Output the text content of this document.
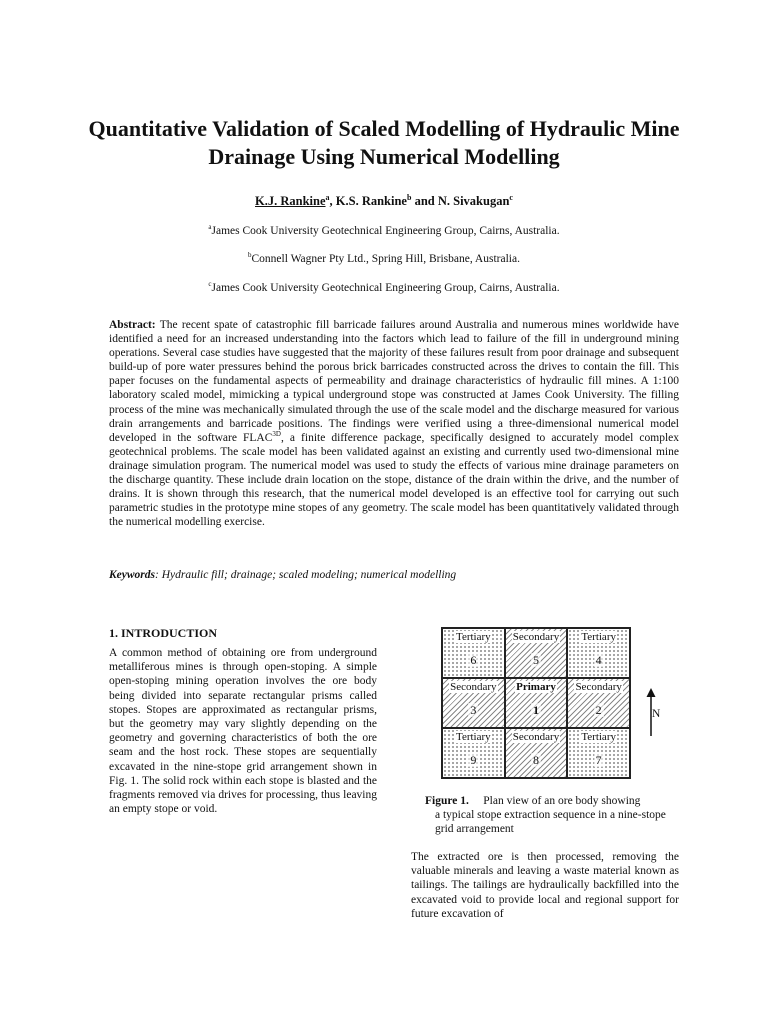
Quantitative Validation of Scaled Modelling of Hydraulic Mine Drainage Using Numerical Modelling
K.J. Rankine$^a$, K.S. Rankine$^b$ and N. Sivakugan$^c$
$^a$James Cook University Geotechnical Engineering Group, Cairns, Australia.
$^b$Connell Wagner Pty Ltd., Spring Hill, Brisbane, Australia.
$^c$James Cook University Geotechnical Engineering Group, Cairns, Australia.
Abstract: The recent spate of catastrophic fill barricade failures around Australia and numerous mines worldwide have identified a need for an increased understanding into the factors which lead to failure of the fill in underground mining operations. Several case studies have suggested that the majority of these failures result from poor drainage and subsequent build-up of pore water pressures behind the porous brick barricades constructed across the drives to contain the fill. This paper focuses on the fundamental aspects of permeability and drainage characteristics of hydraulic fill mines. A 1:100 laboratory scaled model, mimicking a typical underground stope was constructed at James Cook University. The filling process of the mine was mechanically simulated through the use of the scale model and the discharge measured for various drain arrangements and barricade positions. The findings were verified using a three-dimensional numerical model developed in the software $FLAC^{3D}$, a finite difference package, specifically designed to accurately model complex geotechnical problems. The scale model has been validated against an existing and currently used two-dimensional mine drainage simulation program. The numerical model was used to study the effects of various mine drainage parameters on the discharge quantity. These include drain location on the stope, distance of the drain within the drive, and the number of drains. It is shown through this research, that the numerical model developed is an effective tool for carrying out such parametric studies in the prototype mine stopes of any geometry. The scale model has been quantitatively validated through the numerical modelling exercise.
Keywords: Hydraulic fill; drainage; scaled modeling; numerical modelling
1. INTRODUCTION
A common method of obtaining ore from underground metalliferous mines is through open-stoping. A simple open-stoping mining operation involves the ore body being divided into separate rectangular prisms called stopes. Stopes are approximated as rectangular prisms, but the geometry may vary slightly depending on the geometry and governing characteristics of both the ore seam and the host rock. These stopes are sequentially excavated in the nine-stope grid arrangement shown in Fig. 1. The solid rock within each stope is blasted and the fragments removed via drives for processing, thus leaving an empty stope or void.
Tertiary
6
Secondary
5
Tertiary
4
Secondary
3
Primary
1
Secondary
2
Tertiary
9
Secondary
8
Tertiary
7
N
Figure 1. Plan view of an ore body showing
a typical stope extraction sequence in a nine-stope grid arrangement
The extracted ore is then processed, removing the valuable minerals and leaving a waste material known as tailings. The tailings are hydraulically backfilled into the excavated void to provide local and regional support for future excavation of
